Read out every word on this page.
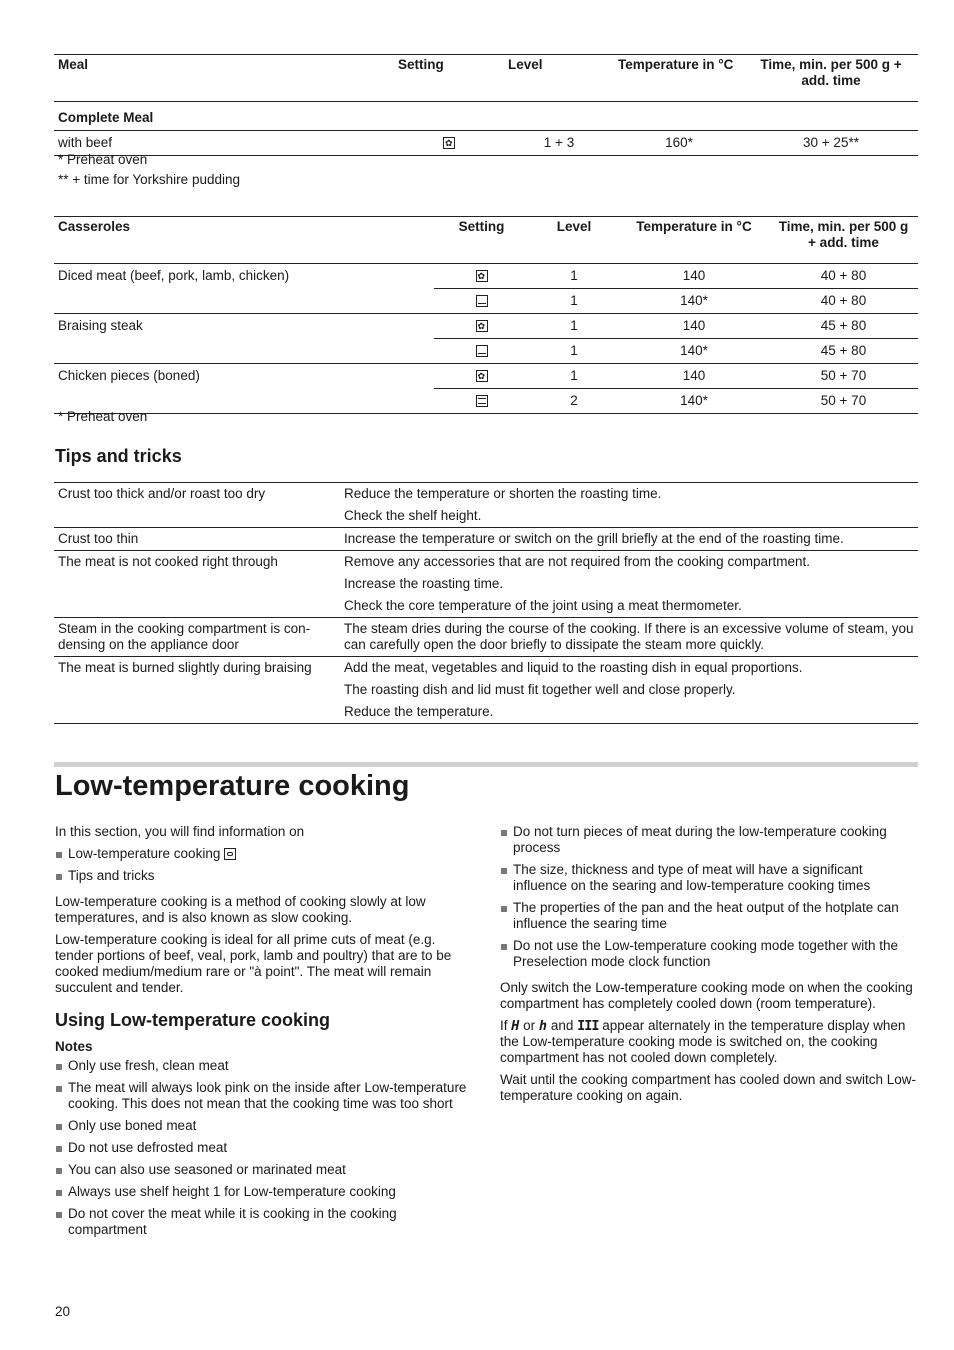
Meal	Setting	Level	Temperature in °C	Time, min. per 500 g + add. time
Complete Meal				
with beef	✿	1 + 3	160*	30 + 25**
* Preheat oven
** + time for Yorkshire pudding
Casseroles	Setting	Level	Temperature in °C	Time, min. per 500 g + add. time
Diced meat (beef, pork, lamb, chicken)	✿	1	140	40 + 80
		1	140*	40 + 80
Braising steak	✿	1	140	45 + 80
		1	140*	45 + 80
Chicken pieces (boned)	✿	1	140	50 + 70
		2	140*	50 + 70
* Preheat oven
Tips and tricks
Crust too thick and/or roast too dry	Reduce the temperature or shorten the roasting time.

Check the shelf height.

Crust too thin	Increase the temperature or switch on the grill briefly at the end of the roasting time.

The meat is not cooked right through	Remove any accessories that are not required from the cooking compartment.

Increase the roasting time.

Check the core temperature of the joint using a meat thermometer.

Steam in the cooking compartment is con-densing on the appliance door	The steam dries during the course of the cooking. If there is an excessive volume of steam, you can carefully open the door briefly to dissipate the steam more quickly.

The meat is burned slightly during braising	Add the meat, vegetables and liquid to the roasting dish in equal proportions.

The roasting dish and lid must fit together well and close properly.

Reduce the temperature.

Low-temperature cooking

In this section, you will find information on

Low-temperature cooking
Tips and tricks

Low-temperature cooking is a method of cooking slowly at low temperatures, and is also known as slow cooking.

Low-temperature cooking is ideal for all prime cuts of meat (e.g. tender portions of beef, veal, pork, lamb and poultry) that are to be cooked medium/medium rare or "à point". The meat will remain succulent and tender.

Using Low-temperature cooking
Notes
Only use fresh, clean meat
The meat will always look pink on the inside after Low-temperature cooking. This does not mean that the cooking time was too short
Only use boned meat
Do not use defrosted meat
You can also use seasoned or marinated meat
Always use shelf height 1 for Low-temperature cooking
Do not cover the meat while it is cooking in the cooking compartment
Do not turn pieces of meat during the low-temperature cooking process
The size, thickness and type of meat will have a significant influence on the searing and low-temperature cooking times
The properties of the pan and the heat output of the hotplate can influence the searing time
Do not use the Low-temperature cooking mode together with the Preselection mode clock function

Only switch the Low-temperature cooking mode on when the cooking compartment has completely cooled down (room temperature).

If H or h and III appear alternately in the temperature display when the Low-temperature cooking mode is switched on, the cooking compartment has not cooled down completely.

Wait until the cooking compartment has cooled down and switch Low-temperature cooking on again.

20
